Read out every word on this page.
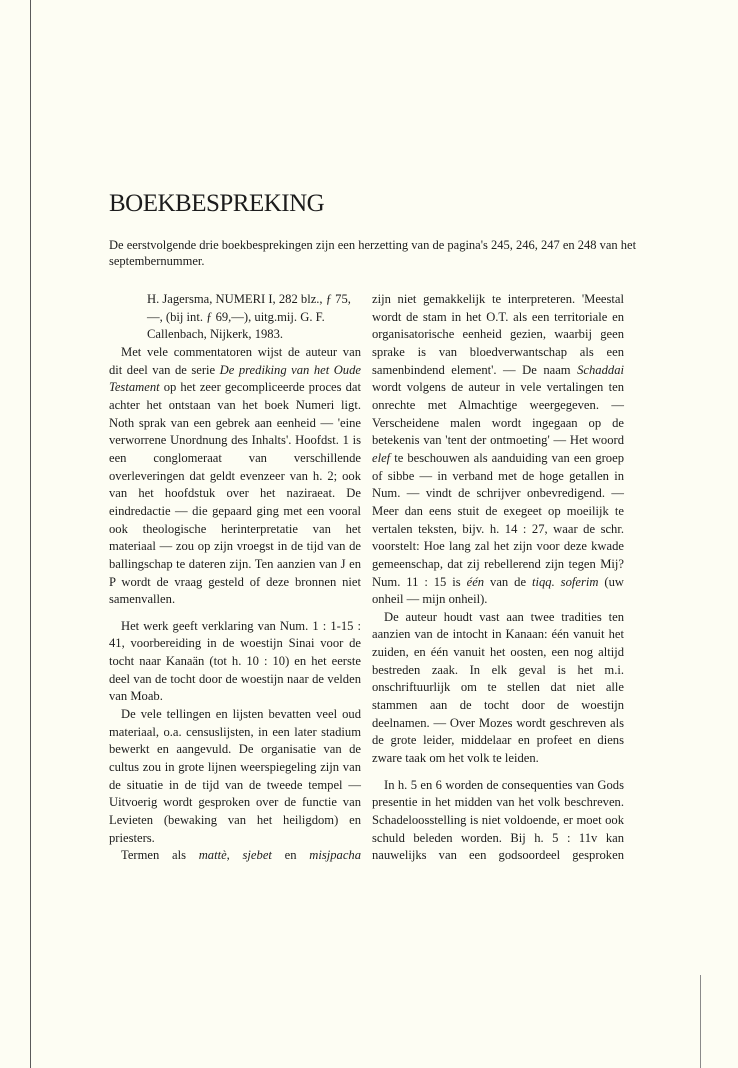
BOEKBESPREKING

De eerstvolgende drie boekbesprekingen zijn een herzetting van de pagina's 245, 246, 247 en 248 van het septembernummer.

H. Jagersma, NUMERI I, 282 blz., ƒ 75,—, (bij int. ƒ 69,—), uitg.mij. G. F. Callenbach, Nijkerk, 1983.

Met vele commentatoren wijst de auteur van dit deel van de serie De prediking van het Oude Testament op het zeer gecompliceerde proces dat achter het ontstaan van het boek Numeri ligt. Noth sprak van een gebrek aan eenheid — 'eine verworrene Unordnung des Inhalts'. Hoofdst. 1 is een conglomeraat van verschillende overleveringen dat geldt evenzeer van h. 2; ook van het hoofdstuk over het naziraeat. De eindredactie — die gepaard ging met een vooral ook theologische herinterpretatie van het materiaal — zou op zijn vroegst in de tijd van de ballingschap te dateren zijn. Ten aanzien van J en P wordt de vraag gesteld of deze bronnen niet samenvallen.

Het werk geeft verklaring van Num. 1 : 1-15 : 41, voorbereiding in de woestijn Sinai voor de tocht naar Kanaän (tot h. 10 : 10) en het eerste deel van de tocht door de woestijn naar de velden van Moab.

De vele tellingen en lijsten bevatten veel oud materiaal, o.a. censuslijsten, in een later stadium bewerkt en aangevuld. De organisatie van de cultus zou in grote lijnen weerspiegeling zijn van de situatie in de tijd van de tweede tempel — Uitvoerig wordt gesproken over de functie van Levieten (bewaking van het heiligdom) en priesters.

Termen als mattè, sjebet en misjpacha

zijn niet gemakkelijk te interpreteren. 'Meestal wordt de stam in het O.T. als een territoriale en organisatorische eenheid gezien, waarbij geen sprake is van bloedverwantschap als een samenbindend element'. — De naam Schaddai wordt volgens de auteur in vele vertalingen ten onrechte met Almachtige weergegeven. — Verscheidene malen wordt ingegaan op de betekenis van 'tent der ontmoeting' — Het woord elef te beschouwen als aanduiding van een groep of sibbe — in verband met de hoge getallen in Num. — vindt de schrijver onbevredigend. — Meer dan eens stuit de exegeet op moeilijk te vertalen teksten, bijv. h. 14 : 27, waar de schr. voorstelt: Hoe lang zal het zijn voor deze kwade gemeenschap, dat zij rebellerend zijn tegen Mij? Num. 11 : 15 is één van de tiqq. soferim (uw onheil — mijn onheil).

De auteur houdt vast aan twee tradities ten aanzien van de intocht in Kanaan: één vanuit het zuiden, en één vanuit het oosten, een nog altijd bestreden zaak. In elk geval is het m.i. onschriftuurlijk om te stellen dat niet alle stammen aan de tocht door de woestijn deelnamen. — Over Mozes wordt geschreven als de grote leider, middelaar en profeet en diens zware taak om het volk te leiden.

In h. 5 en 6 worden de consequenties van Gods presentie in het midden van het volk beschreven. Schadeloosstelling is niet voldoende, er moet ook schuld beleden worden. Bij h. 5 : 11v kan nauwelijks van een godsoordeel gesproken
